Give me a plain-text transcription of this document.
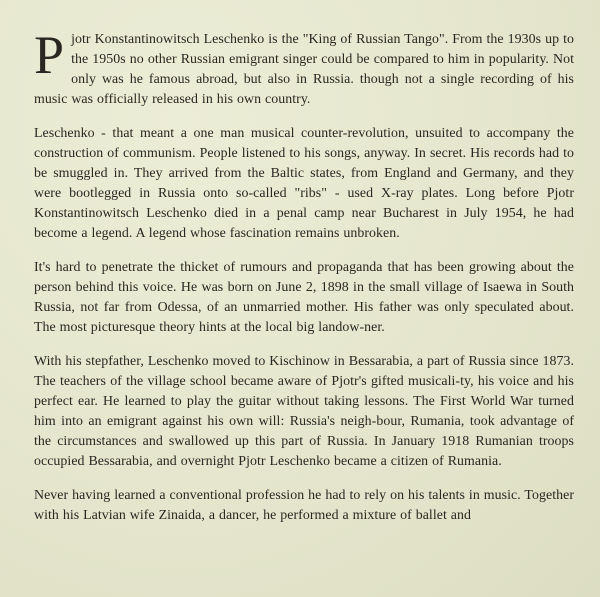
Pjotr Konstantinowitsch Leschenko is the "King of Russian Tango". From the 1930s up to the 1950s no other Russian emigrant singer could be compared to him in popularity. Not only was he famous abroad, but also in Russia. though not a single recording of his music was officially released in his own country.

Leschenko - that meant a one man musical counter-revolution, unsuited to accompany the construction of communism. People listened to his songs, anyway. In secret. His records had to be smuggled in. They arrived from the Baltic states, from England and Germany, and they were bootlegged in Russia onto so-called "ribs" - used X-ray plates. Long before Pjotr Konstantinowitsch Leschenko died in a penal camp near Bucharest in July 1954, he had become a legend. A legend whose fascination remains unbroken.

It's hard to penetrate the thicket of rumours and propaganda that has been growing about the person behind this voice. He was born on June 2, 1898 in the small village of Isaewa in South Russia, not far from Odessa, of an unmarried mother. His father was only speculated about. The most picturesque theory hints at the local big landow-ner.

With his stepfather, Leschenko moved to Kischinow in Bessarabia, a part of Russia since 1873. The teachers of the village school became aware of Pjotr's gifted musicali-ty, his voice and his perfect ear. He learned to play the guitar without taking lessons. The First World War turned him into an emigrant against his own will: Russia's neigh-bour, Rumania, took advantage of the circumstances and swallowed up this part of Russia. In January 1918 Rumanian troops occupied Bessarabia, and overnight Pjotr Leschenko became a citizen of Rumania.

Never having learned a conventional profession he had to rely on his talents in music. Together with his Latvian wife Zinaida, a dancer, he performed a mixture of ballet and
